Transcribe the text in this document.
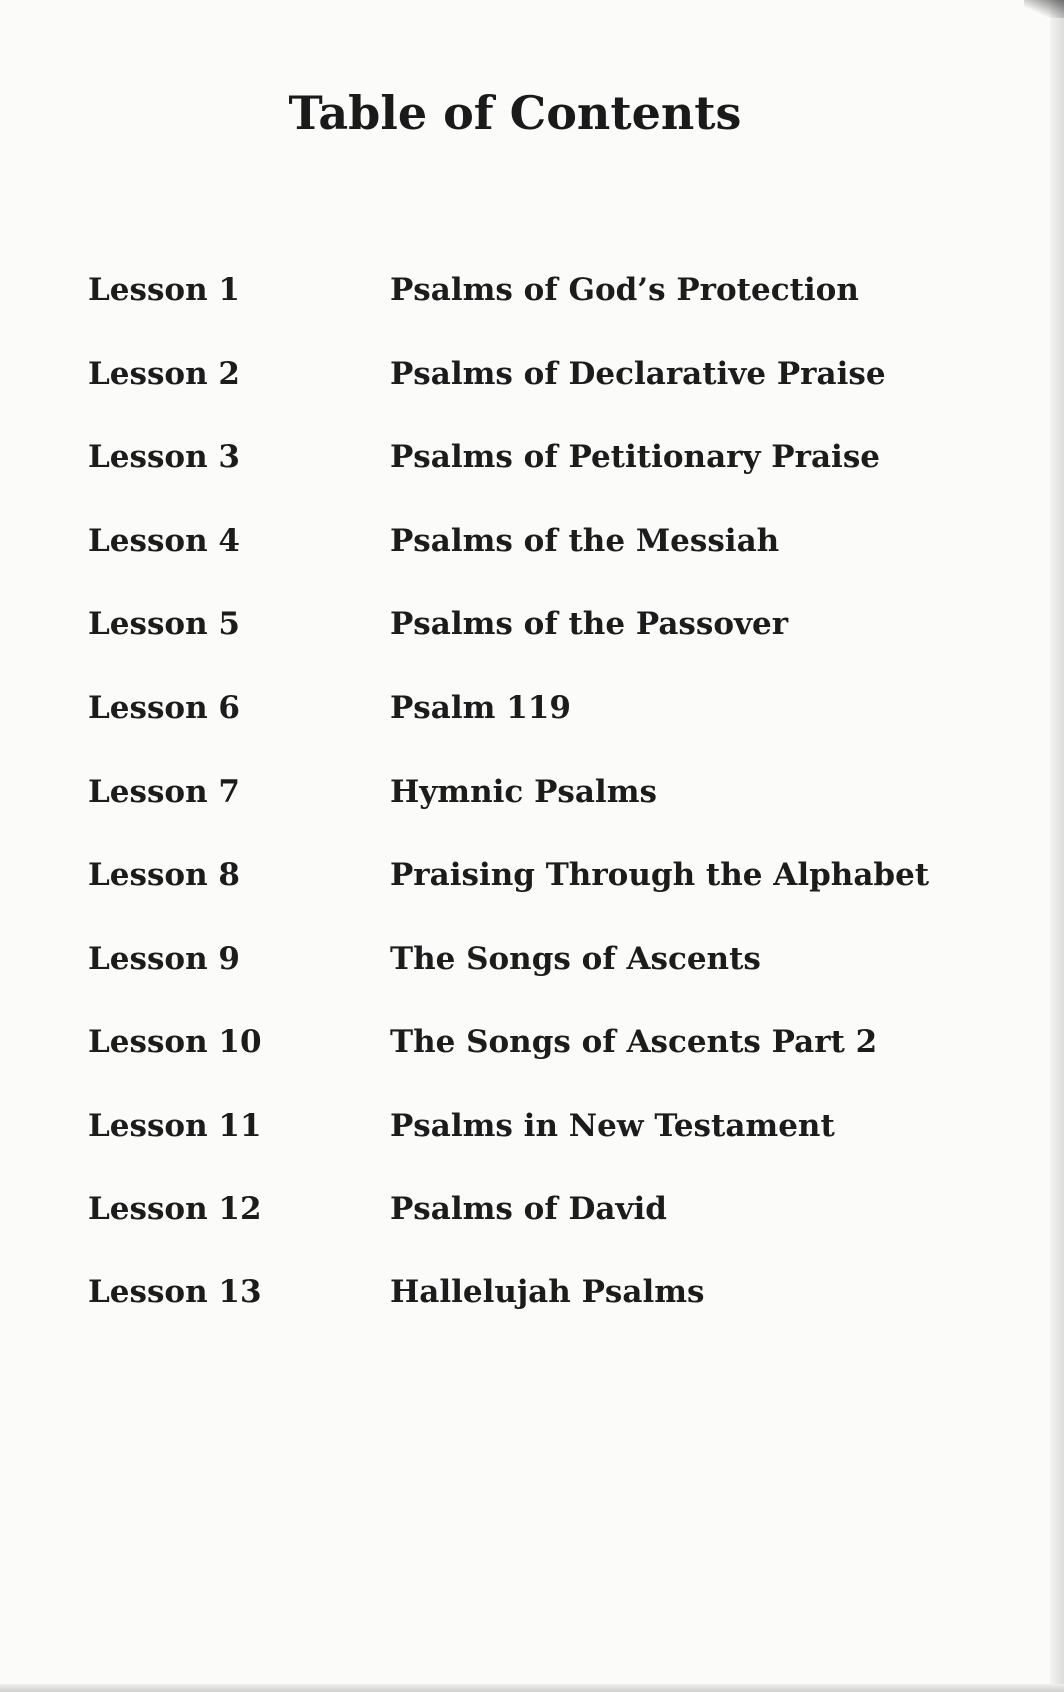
Table of Contents
Lesson 1	Psalms of God’s Protection
Lesson 2	Psalms of Declarative Praise
Lesson 3	Psalms of Petitionary Praise
Lesson 4	Psalms of the Messiah
Lesson 5	Psalms of the Passover
Lesson 6	Psalm 119
Lesson 7	Hymnic Psalms
Lesson 8	Praising Through the Alphabet
Lesson 9	The Songs of Ascents
Lesson 10	The Songs of Ascents Part 2
Lesson 11	Psalms in New Testament
Lesson 12	Psalms of David
Lesson 13	Hallelujah Psalms
